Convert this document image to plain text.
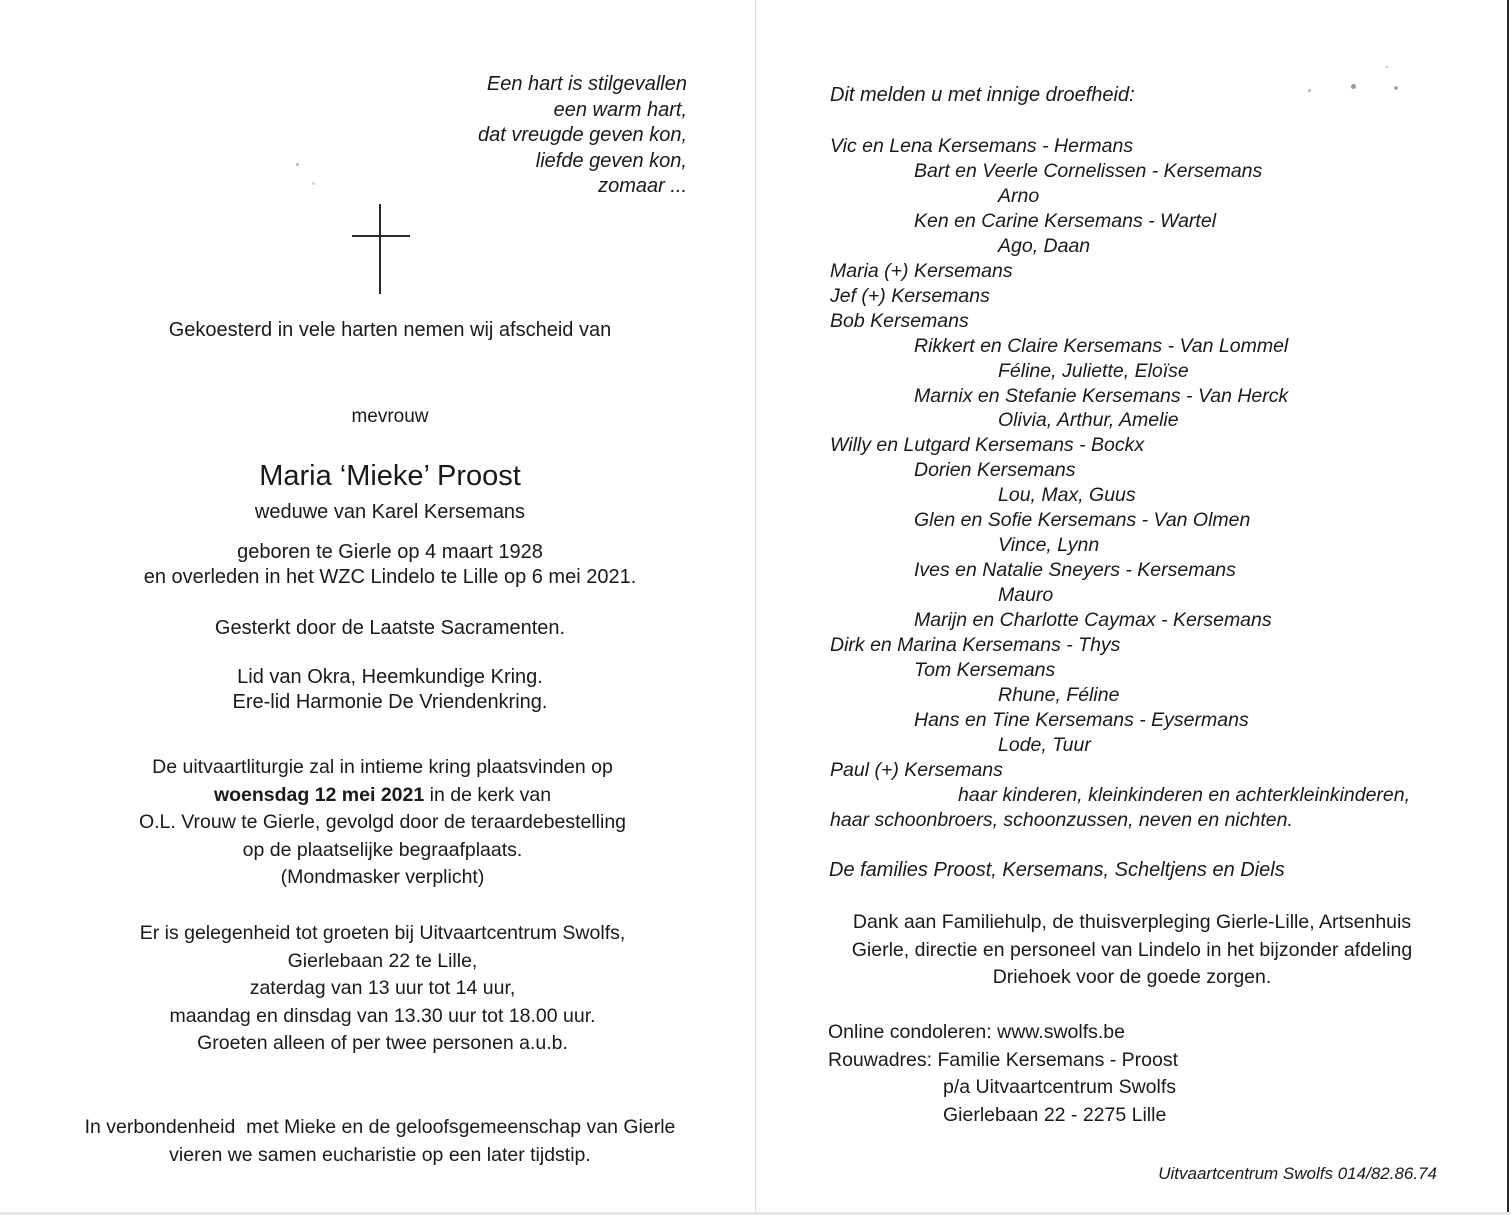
Een hart is stilgevallen
een warm hart,
dat vreugde geven kon,
liefde geven kon,
zomaar ...
Gekoesterd in vele harten nemen wij afscheid van
mevrouw
Maria ‘Mieke’ Proost
weduwe van Karel Kersemans
geboren te Gierle op 4 maart 1928
en overleden in het WZC Lindelo te Lille op 6 mei 2021.
Gesterkt door de Laatste Sacramenten.
Lid van Okra, Heemkundige Kring.
Ere-lid Harmonie De Vriendenkring.
De uitvaartliturgie zal in intieme kring plaatsvinden op
woensdag 12 mei 2021 in de kerk van
O.L. Vrouw te Gierle, gevolgd door de teraardebestelling
op de plaatselijke begraafplaats.
(Mondmasker verplicht)
Er is gelegenheid tot groeten bij Uitvaartcentrum Swolfs,
Gierlebaan 22 te Lille,
zaterdag van 13 uur tot 14 uur,
maandag en dinsdag van 13.30 uur tot 18.00 uur.
Groeten alleen of per twee personen a.u.b.
In verbondenheid  met Mieke en de geloofsgemeenschap van Gierle
vieren we samen eucharistie op een later tijdstip.
Dit melden u met innige droefheid:
Vic en Lena Kersemans - Hermans
Bart en Veerle Cornelissen - Kersemans
Arno
Ken en Carine Kersemans - Wartel
Ago, Daan
Maria (+) Kersemans
Jef (+) Kersemans
Bob Kersemans
Rikkert en Claire Kersemans - Van Lommel
Féline, Juliette, Eloïse
Marnix en Stefanie Kersemans - Van Herck
Olivia, Arthur, Amelie
Willy en Lutgard Kersemans - Bockx
Dorien Kersemans
Lou, Max, Guus
Glen en Sofie Kersemans - Van Olmen
Vince, Lynn
Ives en Natalie Sneyers - Kersemans
Mauro
Marijn en Charlotte Caymax - Kersemans
Dirk en Marina Kersemans - Thys
Tom Kersemans
Rhune, Féline
Hans en Tine Kersemans - Eysermans
Lode, Tuur
Paul (+) Kersemans
haar kinderen, kleinkinderen en achterkleinkinderen,
haar schoonbroers, schoonzussen, neven en nichten.
De families Proost, Kersemans, Scheltjens en Diels
Dank aan Familiehulp, de thuisverpleging Gierle-Lille, Artsenhuis
Gierle, directie en personeel van Lindelo in het bijzonder afdeling
Driehoek voor de goede zorgen.
Online condoleren: www.swolfs.be
Rouwadres: Familie Kersemans - Proost
p/a Uitvaartcentrum Swolfs
Gierlebaan 22 - 2275 Lille
Uitvaartcentrum Swolfs 014/82.86.74
